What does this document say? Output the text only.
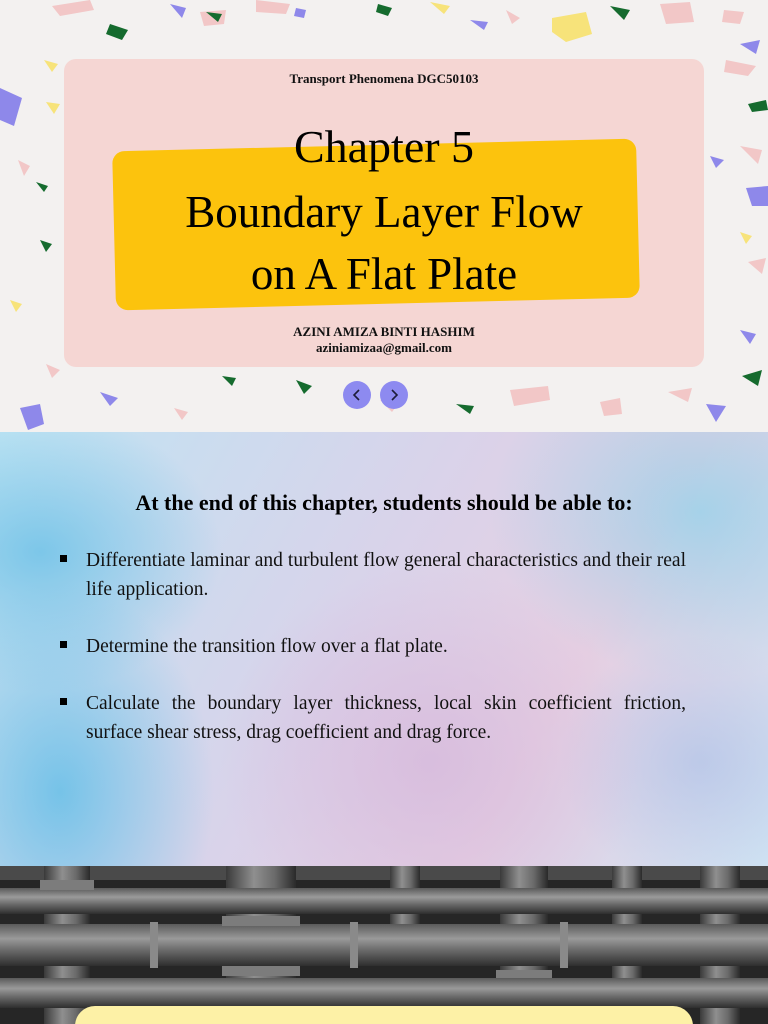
Transport Phenomena DGC50103
Chapter 5
Boundary Layer Flow
on A Flat Plate
AZINI AMIZA BINTI HASHIM
aziniamizaa@gmail.com
At the end of this chapter, students should be able to:
Differentiate laminar and turbulent flow general characteristics and their real life application.
Determine the transition flow over a flat plate.
Calculate the boundary layer thickness, local skin coefficient friction, surface shear stress, drag coefficient and drag force.
